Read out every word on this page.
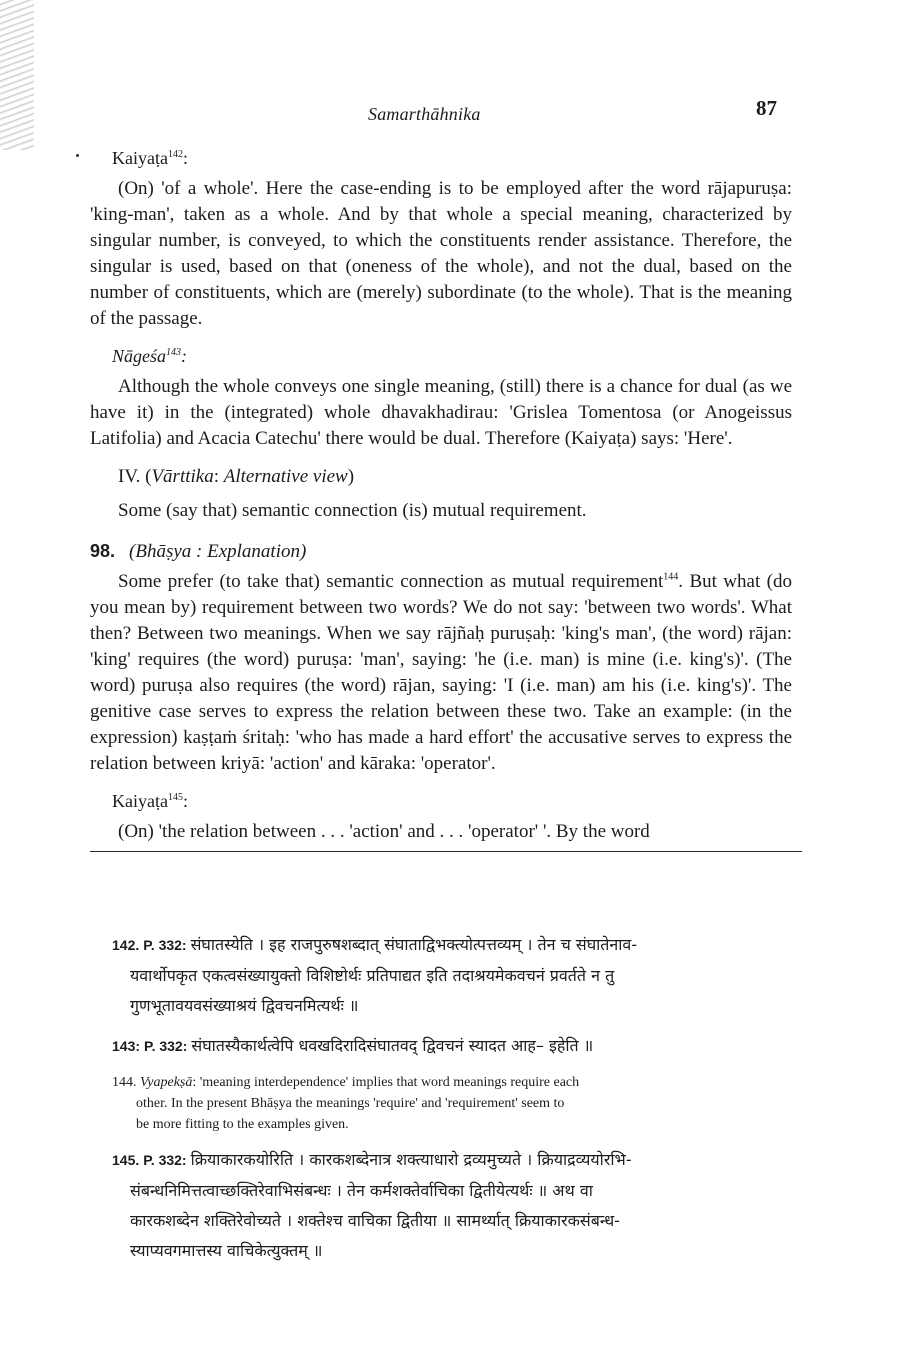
Samarthāhnika	87
Kaiyaṭa$^{142}$:

(On) 'of a whole'. Here the case-ending is to be employed after the word rājapuruṣa: 'king-man', taken as a whole. And by that whole a special meaning, characterized by singular number, is conveyed, to which the constituents render assistance. Therefore, the singular is used, based on that (oneness of the whole), and not the dual, based on the number of constituents, which are (merely) subordinate (to the whole). That is the meaning of the passage.

Nāgeśa$^{143}$:

Although the whole conveys one single meaning, (still) there is a chance for dual (as we have it) in the (integrated) whole dhavakhadirau: 'Grislea Tomentosa (or Anogeissus Latifolia) and Acacia Catechu' there would be dual. Therefore (Kaiyaṭa) says: 'Here'.

IV. (Vārttika: Alternative view)

Some (say that) semantic connection (is) mutual requirement.

98. (Bhāṣya : Explanation)

Some prefer (to take that) semantic connection as mutual requirement$^{144}$. But what (do you mean by) requirement between two words? We do not say: 'between two words'. What then? Between two meanings. When we say rājñaḥ puruṣaḥ: 'king's man', (the word) rājan: 'king' requires (the word) puruṣa: 'man', saying: 'he (i.e. man) is mine (i.e. king's)'. (The word) puruṣa also requires (the word) rājan, saying: 'I (i.e. man) am his (i.e. king's)'. The genitive case serves to express the relation between these two. Take an example: (in the expression) kaṣṭaṁ śritaḥ: 'who has made a hard effort' the accusative serves to express the relation between kriyā: 'action' and kāraka: 'operator'.

Kaiyaṭa$^{145}$:

(On) 'the relation between . . . 'action' and . . . 'operator' '. By the word

142. P. 332: संघातस्येति । इह राजपुरुषशब्दात् संघाताद्विभक्त्योत्पत्तव्यम् । तेन च संघातेनाव-
यवार्थोपकृत एकत्वसंख्यायुक्तो विशिष्टोर्थः प्रतिपाद्यत इति तदाश्रयमेकवचनं प्रवर्तते न तु
गुणभूतावयवसंख्याश्रयं द्विवचनमित्यर्थः ॥
143: P. 332: संघातस्यैकार्थत्वेपि धवखदिरादिसंघातवद् द्विवचनं स्यादत आह– इहेति ॥
144. Vyapekṣā: 'meaning interdependence' implies that word meanings require each
other. In the present Bhāṣya the meanings 'require' and 'requirement' seem to
be more fitting to the examples given.
145. P. 332: क्रियाकारकयोरिति । कारकशब्देनात्र शक्त्याधारो द्रव्यमुच्यते । क्रियाद्रव्ययोरभि-
संबन्धनिमित्तत्वाच्छक्तिरेवाभिसंबन्धः । तेन कर्मशक्तेर्वाचिका द्वितीयेत्यर्थः ॥ अथ वा
कारकशब्देन शक्तिरेवोच्यते । शक्तेश्च वाचिका द्वितीया ॥ सामर्थ्यात् क्रियाकारकसंबन्ध-
स्याप्यवगमात्तस्य वाचिकेत्युक्तम् ॥
